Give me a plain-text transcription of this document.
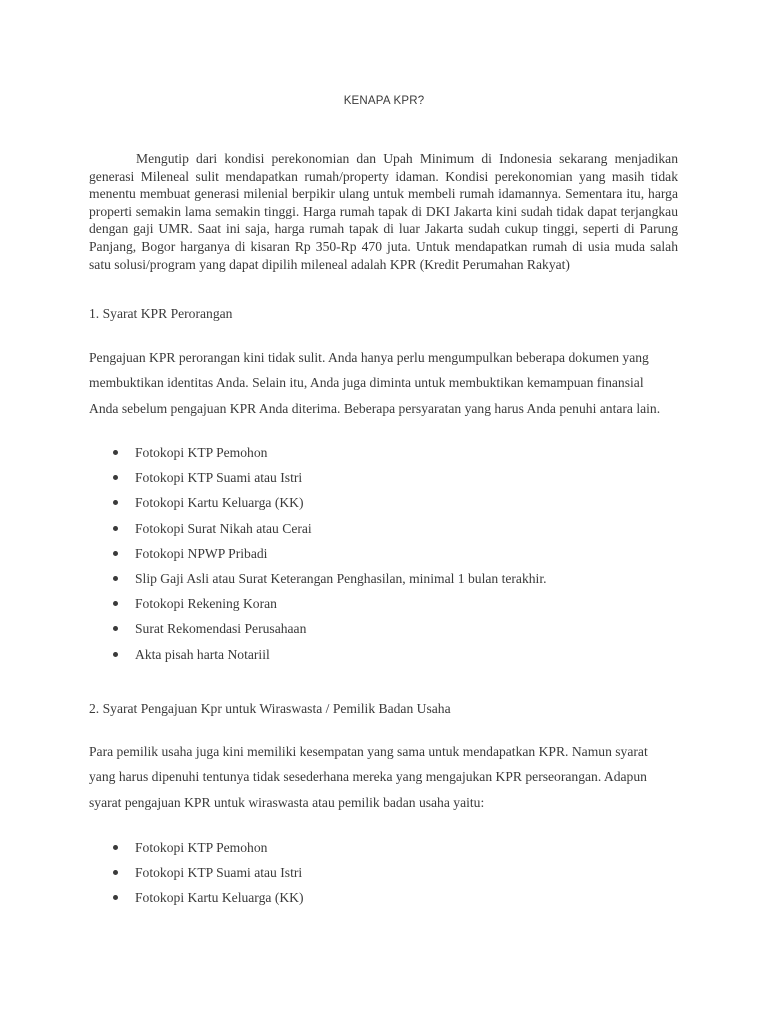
KENAPA KPR?

Mengutip dari kondisi perekonomian dan Upah Minimum di Indonesia sekarang menjadikan generasi Mileneal sulit mendapatkan rumah/property idaman. Kondisi perekonomian yang masih tidak menentu membuat generasi milenial berpikir ulang untuk membeli rumah idamannya. Sementara itu, harga properti semakin lama semakin tinggi. Harga rumah tapak di DKI Jakarta kini sudah tidak dapat terjangkau dengan gaji UMR. Saat ini saja, harga rumah tapak di luar Jakarta sudah cukup tinggi, seperti di Parung Panjang, Bogor harganya di kisaran Rp 350-Rp 470 juta. Untuk mendapatkan rumah di usia muda salah satu solusi/program yang dapat dipilih mileneal adalah KPR (Kredit Perumahan Rakyat)

1. Syarat KPR Perorangan

Pengajuan KPR perorangan kini tidak sulit. Anda hanya perlu mengumpulkan beberapa dokumen yang
membuktikan identitas Anda. Selain itu, Anda juga diminta untuk membuktikan kemampuan finansial
Anda sebelum pengajuan KPR Anda diterima. Beberapa persyaratan yang harus Anda penuhi antara lain.
Fotokopi KTP Pemohon
Fotokopi KTP Suami atau Istri
Fotokopi Kartu Keluarga (KK)
Fotokopi Surat Nikah atau Cerai
Fotokopi NPWP Pribadi
Slip Gaji Asli atau Surat Keterangan Penghasilan, minimal 1 bulan terakhir.
Fotokopi Rekening Koran
Surat Rekomendasi Perusahaan
Akta pisah harta Notariil

2. Syarat Pengajuan Kpr untuk Wiraswasta / Pemilik Badan Usaha

Para pemilik usaha juga kini memiliki kesempatan yang sama untuk mendapatkan KPR. Namun syarat
yang harus dipenuhi tentunya tidak sesederhana mereka yang mengajukan KPR perseorangan. Adapun
syarat pengajuan KPR untuk wiraswasta atau pemilik badan usaha yaitu:
Fotokopi KTP Pemohon
Fotokopi KTP Suami atau Istri
Fotokopi Kartu Keluarga (KK)
